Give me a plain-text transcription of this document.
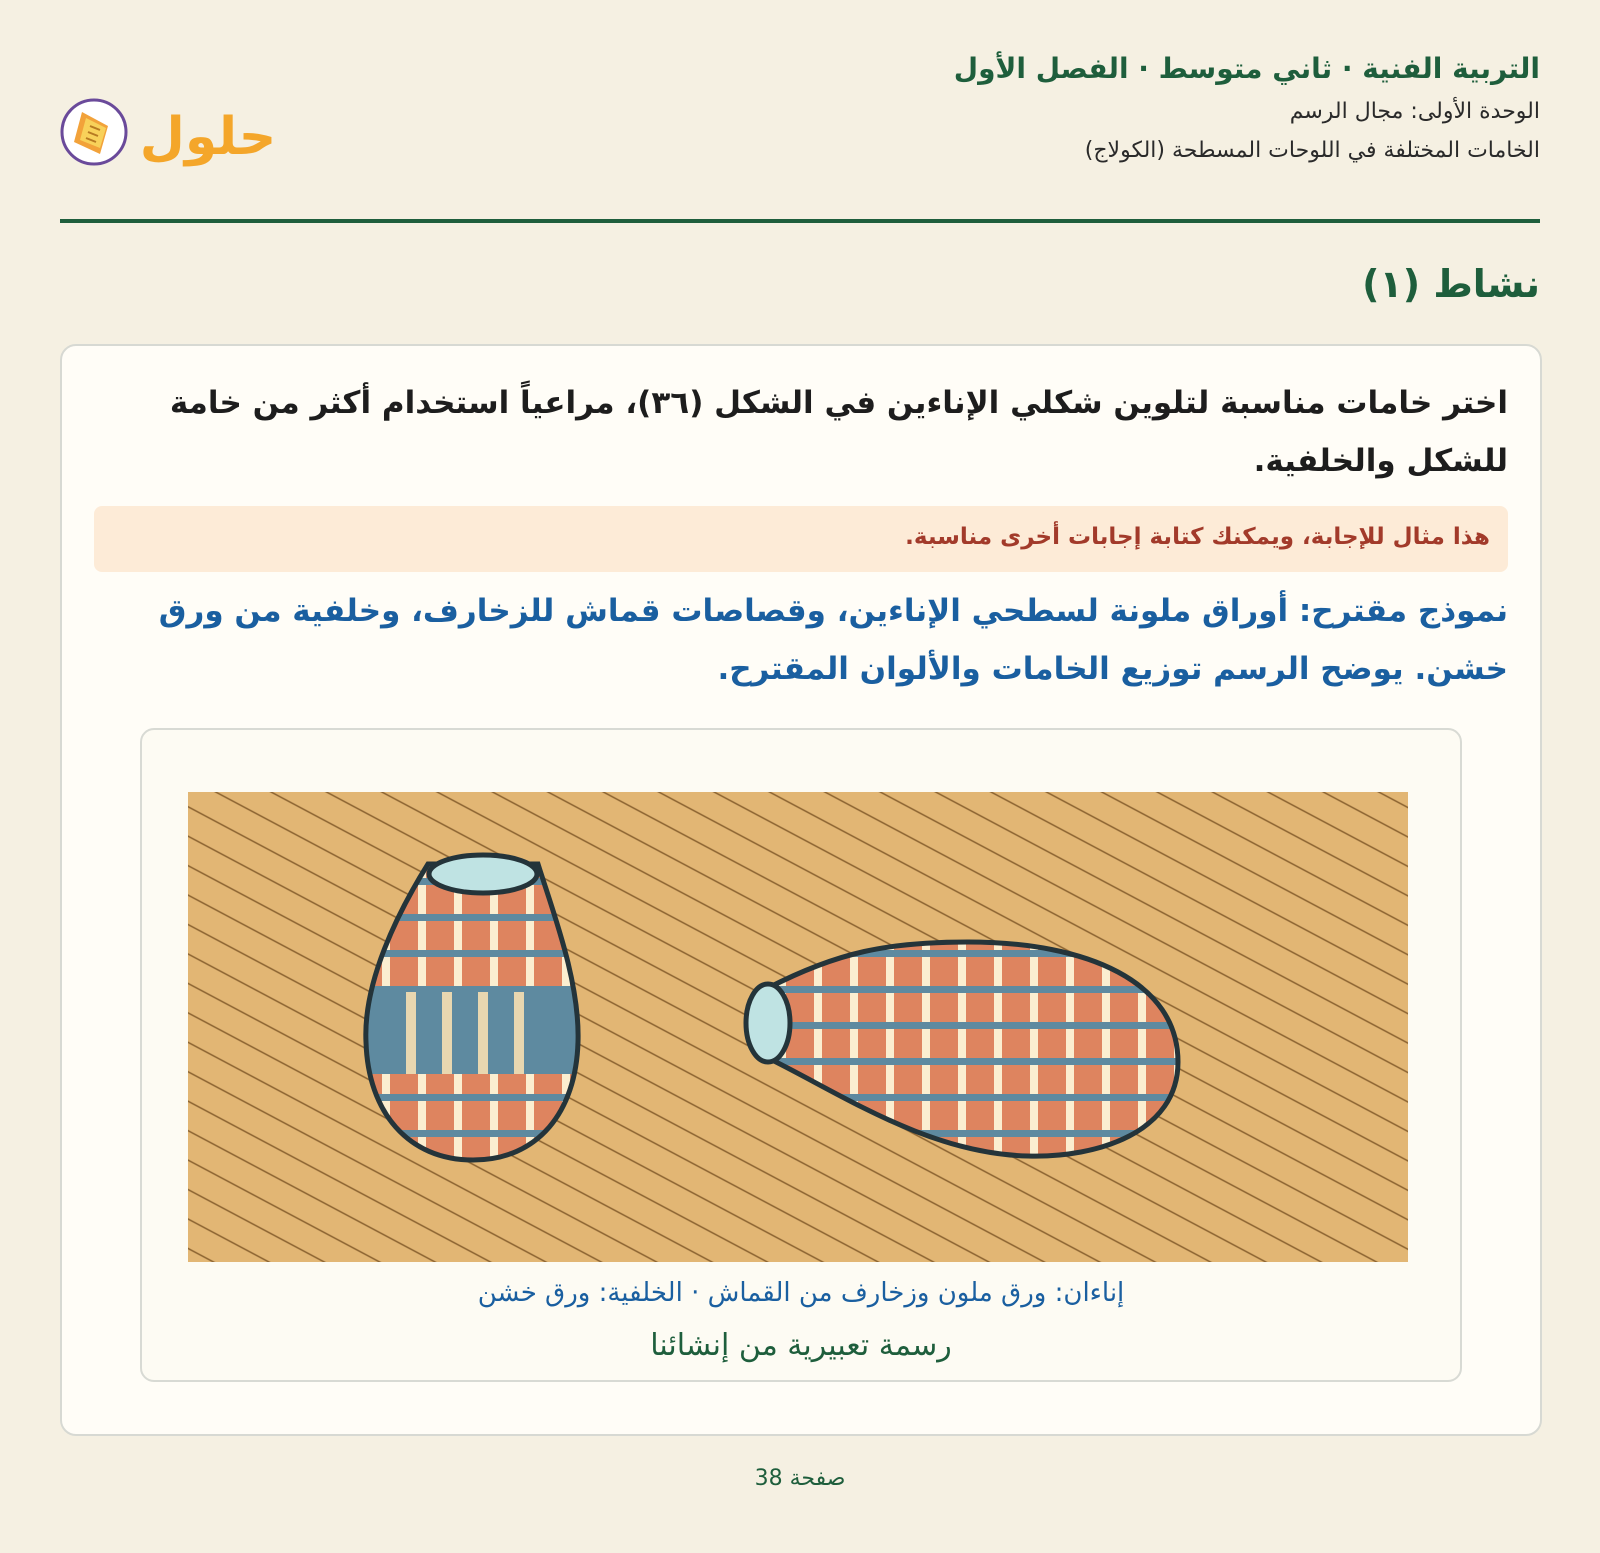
التربية الفنية · ثاني متوسط · الفصل الأول

الوحدة الأولى: مجال الرسم

الخامات المختلفة في اللوحات المسطحة (الكولاج)

حلول
نشاط (١)

اختر خامات مناسبة لتلوين شكلي الإناءين في الشكل (٣٦)، مراعياً استخدام أكثر من خامة للشكل والخلفية.

هذا مثال للإجابة، ويمكنك كتابة إجابات أخرى مناسبة.

نموذج مقترح: أوراق ملونة لسطحي الإناءين، وقصاصات قماش للزخارف، وخلفية من ورق خشن. يوضح الرسم توزيع الخامات والألوان المقترح.

إناءان: ورق ملون وزخارف من القماش · الخلفية: ورق خشن
رسمة تعبيرية من إنشائنا
صفحة 38
